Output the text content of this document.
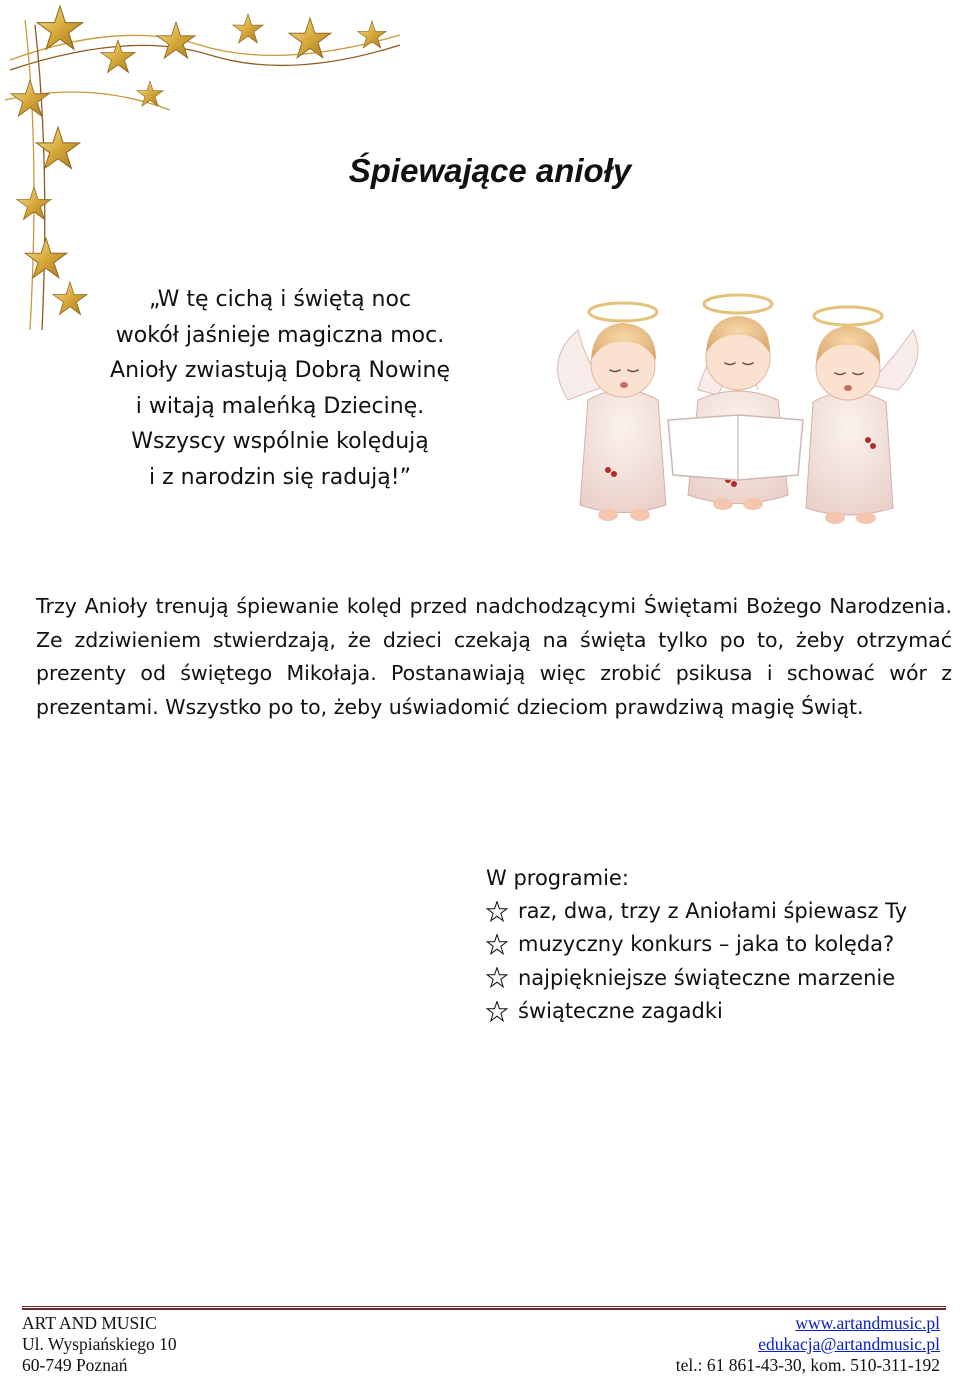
Śpiewające anioły
„W tę cichą i świętą noc
wokół jaśnieje magiczna moc.
Anioły zwiastują Dobrą Nowinę
i witają maleńką Dziecinę.
Wszyscy wspólnie kolędują
i z narodzin się radują!”

Trzy Anioły trenują śpiewanie kolęd przed nadchodzącymi Świętami Bożego Narodzenia. Ze zdziwieniem stwierdzają, że dzieci czekają na święta tylko po to, żeby otrzymać prezenty od świętego Mikołaja. Postanawiają więc zrobić psikusa i schować wór z prezentami. Wszystko po to, żeby uświadomić dzieciom prawdziwą magię Świąt.

W programie:
raz, dwa, trzy z Aniołami śpiewasz Ty
muzyczny konkurs – jaka to kolęda?
najpiękniejsze świąteczne marzenie
świąteczne zagadki
ART AND MUSIC
Ul. Wyspiańskiego 10
60-749 Poznań
www.artandmusic.pl
edukacja@artandmusic.pl
tel.: 61 861-43-30, kom. 510-311-192
